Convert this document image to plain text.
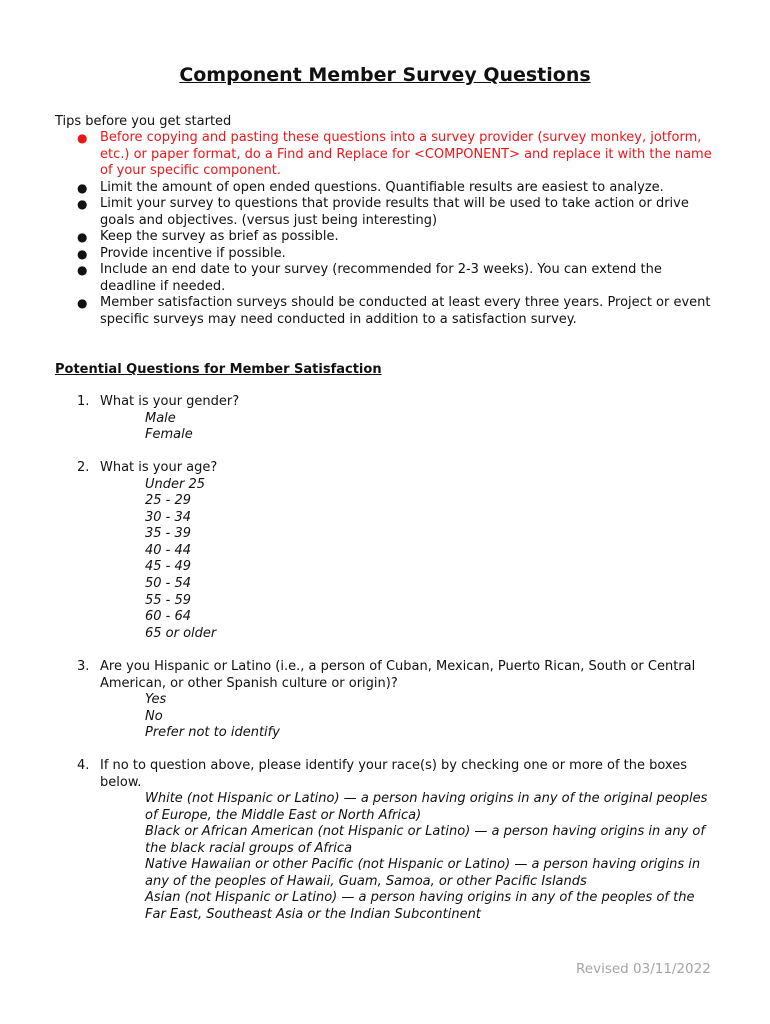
Component Member Survey Questions
Tips before you get started
● Before copying and pasting these questions into a survey provider (survey monkey, jotform, etc.) or paper format, do a Find and Replace for <COMPONENT> and replace it with the name of your specific component.
● Limit the amount of open ended questions. Quantifiable results are easiest to analyze.
● Limit your survey to questions that provide results that will be used to take action or drive goals and objectives. (versus just being interesting)
● Keep the survey as brief as possible.
● Provide incentive if possible.
● Include an end date to your survey (recommended for 2-3 weeks). You can extend the deadline if needed.
● Member satisfaction surveys should be conducted at least every three years. Project or event specific surveys may need conducted in addition to a satisfaction survey.
Potential Questions for Member Satisfaction
1. What is your gender?
Male
Female
2. What is your age?
Under 25
25 - 29
30 - 34
35 - 39
40 - 44
45 - 49
50 - 54
55 - 59
60 - 64
65 or older
3. Are you Hispanic or Latino (i.e., a person of Cuban, Mexican, Puerto Rican, South or Central American, or other Spanish culture or origin)?
Yes
No
Prefer not to identify
4. If no to question above, please identify your race(s) by checking one or more of the boxes below.
White (not Hispanic or Latino) — a person having origins in any of the original peoples of Europe, the Middle East or North Africa)
Black or African American (not Hispanic or Latino) — a person having origins in any of the black racial groups of Africa
Native Hawaiian or other Pacific (not Hispanic or Latino) — a person having origins in any of the peoples of Hawaii, Guam, Samoa, or other Pacific Islands
Asian (not Hispanic or Latino) — a person having origins in any of the peoples of the Far East, Southeast Asia or the Indian Subcontinent
Revised 03/11/2022
